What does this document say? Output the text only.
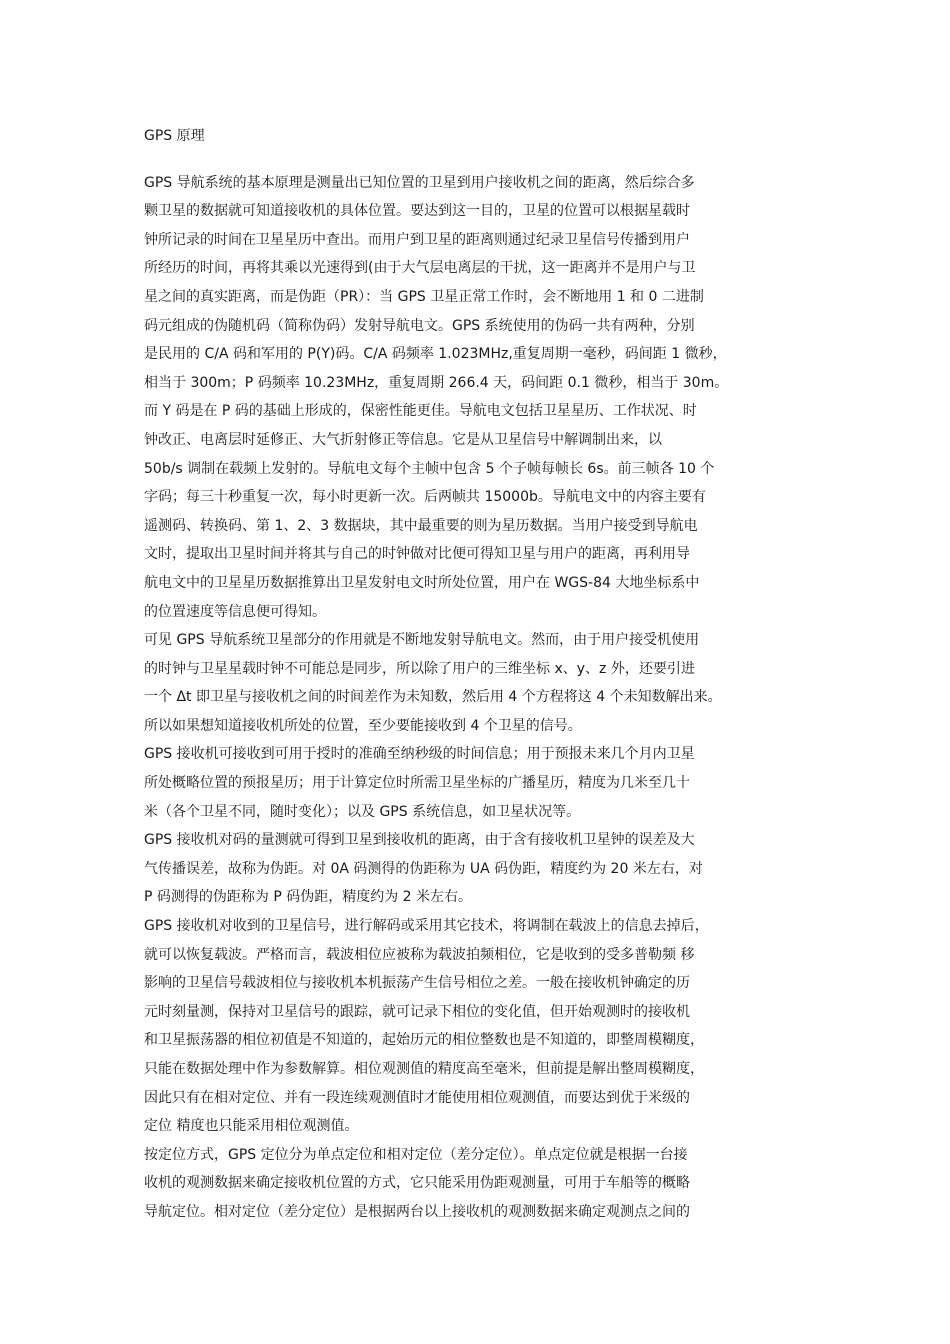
GPS 原理
GPS 导航系统的基本原理是测量出已知位置的卫星到用户接收机之间的距离，然后综合多
颗卫星的数据就可知道接收机的具体位置。要达到这一目的，卫星的位置可以根据星载时
钟所记录的时间在卫星星历中查出。而用户到卫星的距离则通过纪录卫星信号传播到用户
所经历的时间，再将其乘以光速得到(由于大气层电离层的干扰，这一距离并不是用户与卫
星之间的真实距离，而是伪距（PR）：当 GPS 卫星正常工作时，会不断地用 1 和 0 二进制
码元组成的伪随机码（简称伪码）发射导航电文。GPS 系统使用的伪码一共有两种，分别
是民用的 C/A 码和军用的 P(Y)码。C/A 码频率 1.023MHz,重复周期一毫秒，码间距 1 微秒，
相当于 300m；P 码频率 10.23MHz，重复周期 266.4 天，码间距 0.1 微秒，相当于 30m。
而 Y 码是在 P 码的基础上形成的，保密性能更佳。导航电文包括卫星星历、工作状况、时
钟改正、电离层时延修正、大气折射修正等信息。它是从卫星信号中解调制出来，以
50b/s 调制在载频上发射的。导航电文每个主帧中包含 5 个子帧每帧长 6s。前三帧各 10 个
字码；每三十秒重复一次，每小时更新一次。后两帧共 15000b。导航电文中的内容主要有
遥测码、转换码、第 1、2、3 数据块，其中最重要的则为星历数据。当用户接受到导航电
文时，提取出卫星时间并将其与自己的时钟做对比便可得知卫星与用户的距离，再利用导
航电文中的卫星星历数据推算出卫星发射电文时所处位置，用户在 WGS-84 大地坐标系中
的位置速度等信息便可得知。
可见 GPS 导航系统卫星部分的作用就是不断地发射导航电文。然而，由于用户接受机使用
的时钟与卫星星载时钟不可能总是同步，所以除了用户的三维坐标 x、y、z 外，还要引进
一个 Δt 即卫星与接收机之间的时间差作为未知数，然后用 4 个方程将这 4 个未知数解出来。
所以如果想知道接收机所处的位置，至少要能接收到 4 个卫星的信号。
GPS 接收机可接收到可用于授时的准确至纳秒级的时间信息；用于预报未来几个月内卫星
所处概略位置的预报星历；用于计算定位时所需卫星坐标的广播星历，精度为几米至几十
米（各个卫星不同，随时变化）；以及 GPS 系统信息，如卫星状况等。
GPS 接收机对码的量测就可得到卫星到接收机的距离，由于含有接收机卫星钟的误差及大
气传播误差，故称为伪距。对 0A 码测得的伪距称为 UA 码伪距，精度约为 20 米左右，对
P 码测得的伪距称为 P 码伪距，精度约为 2 米左右。
GPS 接收机对收到的卫星信号，进行解码或采用其它技术，将调制在载波上的信息去掉后，
就可以恢复载波。严格而言，载波相位应被称为载波拍频相位，它是收到的受多普勒频 移
影响的卫星信号载波相位与接收机本机振荡产生信号相位之差。一般在接收机钟确定的历
元时刻量测，保持对卫星信号的跟踪，就可记录下相位的变化值，但开始观测时的接收机
和卫星振荡器的相位初值是不知道的，起始历元的相位整数也是不知道的，即整周模糊度，
只能在数据处理中作为参数解算。相位观测值的精度高至毫米，但前提是解出整周模糊度，
因此只有在相对定位、并有一段连续观测值时才能使用相位观测值，而要达到优于米级的
定位 精度也只能采用相位观测值。
按定位方式，GPS 定位分为单点定位和相对定位（差分定位）。单点定位就是根据一台接
收机的观测数据来确定接收机位置的方式，它只能采用伪距观测量，可用于车船等的概略
导航定位。相对定位（差分定位）是根据两台以上接收机的观测数据来确定观测点之间的
